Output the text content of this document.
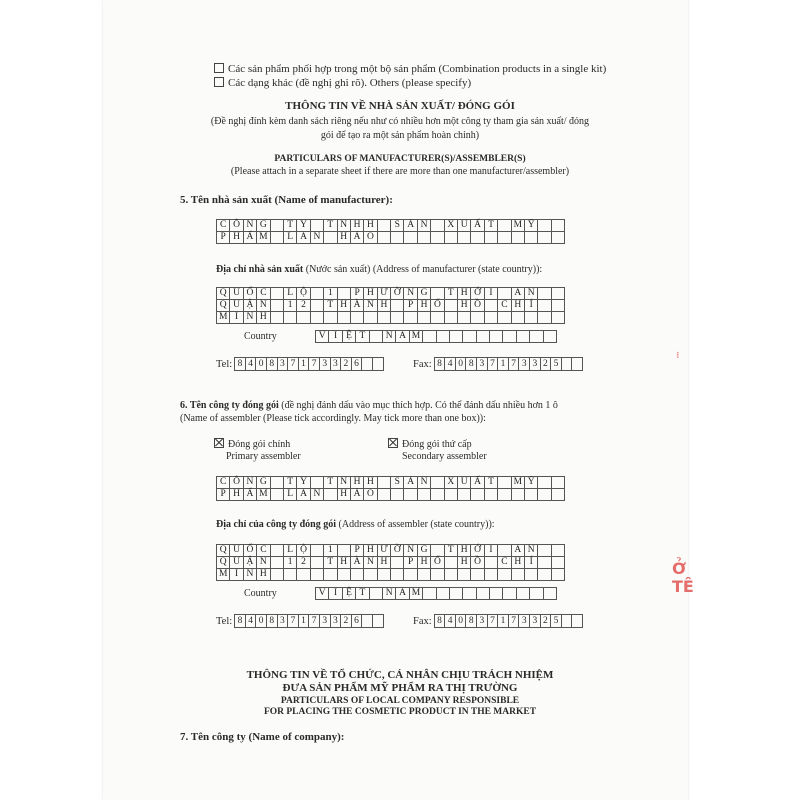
Các sản phẩm phối hợp trong một bộ sản phẩm (Combination products in a single kit)
Các dạng khác (đề nghị ghi rõ). Others (please specify)
THÔNG TIN VỀ NHÀ SẢN XUẤT/ ĐÓNG GÓI
(Đề nghị đính kèm danh sách riêng nếu như có nhiều hơn một công ty tham gia sản xuất/ đóng
gói để tạo ra một sản phẩm hoàn chỉnh)
PARTICULARS OF MANUFACTURER(S)/ASSEMBLER(S)
(Please attach in a separate sheet if there are more than one manufacturer/assembler)
5. Tên nhà sản xuất (Name of manufacturer):
C	Ô	N	G		T	Y		T	N	H	H		S	Ả	N		X	U	Ấ	T		M	Ỹ		
P	H	Ẩ	M		L	A	N		H	Ả	O														
Địa chỉ nhà sản xuất (Nước sản xuất) (Address of manufacturer (state country)):
Q	U	Ố	C		L	Ộ		1		P	H	Ư	Ờ	N	G		T	H	Ớ	I		A	N		
Q	U	Ậ	N		1	2		T	H	À	N	H		P	H	Ố		H	Ồ		C	H	Í		
M	I	N	H																						
Country	V	I	Ệ	T		N	A	M										
Tel: 8 4 0 8 3 7 1 7 3 3 2 6	Fax: 8 4 0 8 3 7 1 7 3 3 2 5
6. Tên công ty đóng gói (đề nghị đánh dấu vào mục thích hợp. Có thể đánh dấu nhiều hơn 1 ô
(Name of assembler (Please tick accordingly. May tick more than one box)):
Đóng gói chính
Primary assembler
Đóng gói thứ cấp
Secondary assembler
C	Ô	N	G		T	Y		T	N	H	H		S	Ả	N		X	U	Ấ	T		M	Ỹ		
P	H	Ẩ	M		L	A	N		H	Ả	O														
Địa chỉ của công ty đóng gói (Address of assembler (state country)):
Q	U	Ố	C		L	Ộ		1		P	H	Ư	Ờ	N	G		T	H	Ớ	I		A	N		
Q	U	Ậ	N		1	2		T	H	À	N	H		P	H	Ố		H	Ồ		C	H	Í		
M	I	N	H																						
Country	V	I	Ệ	T		N	A	M										
Tel: 8 4 0 8 3 7 1 7 3 3 2 6	Fax: 8 4 0 8 3 7 1 7 3 3 2 5
THÔNG TIN VỀ TỔ CHỨC, CÁ NHÂN CHỊU TRÁCH NHIỆM
ĐƯA SẢN PHẨM MỸ PHẨM RA THỊ TRƯỜNG
PARTICULARS OF LOCAL COMPANY RESPONSIBLE
FOR PLACING THE COSMETIC PRODUCT IN THE MARKET
7. Tên công ty (Name of company):
⁝
Ở TÊ
